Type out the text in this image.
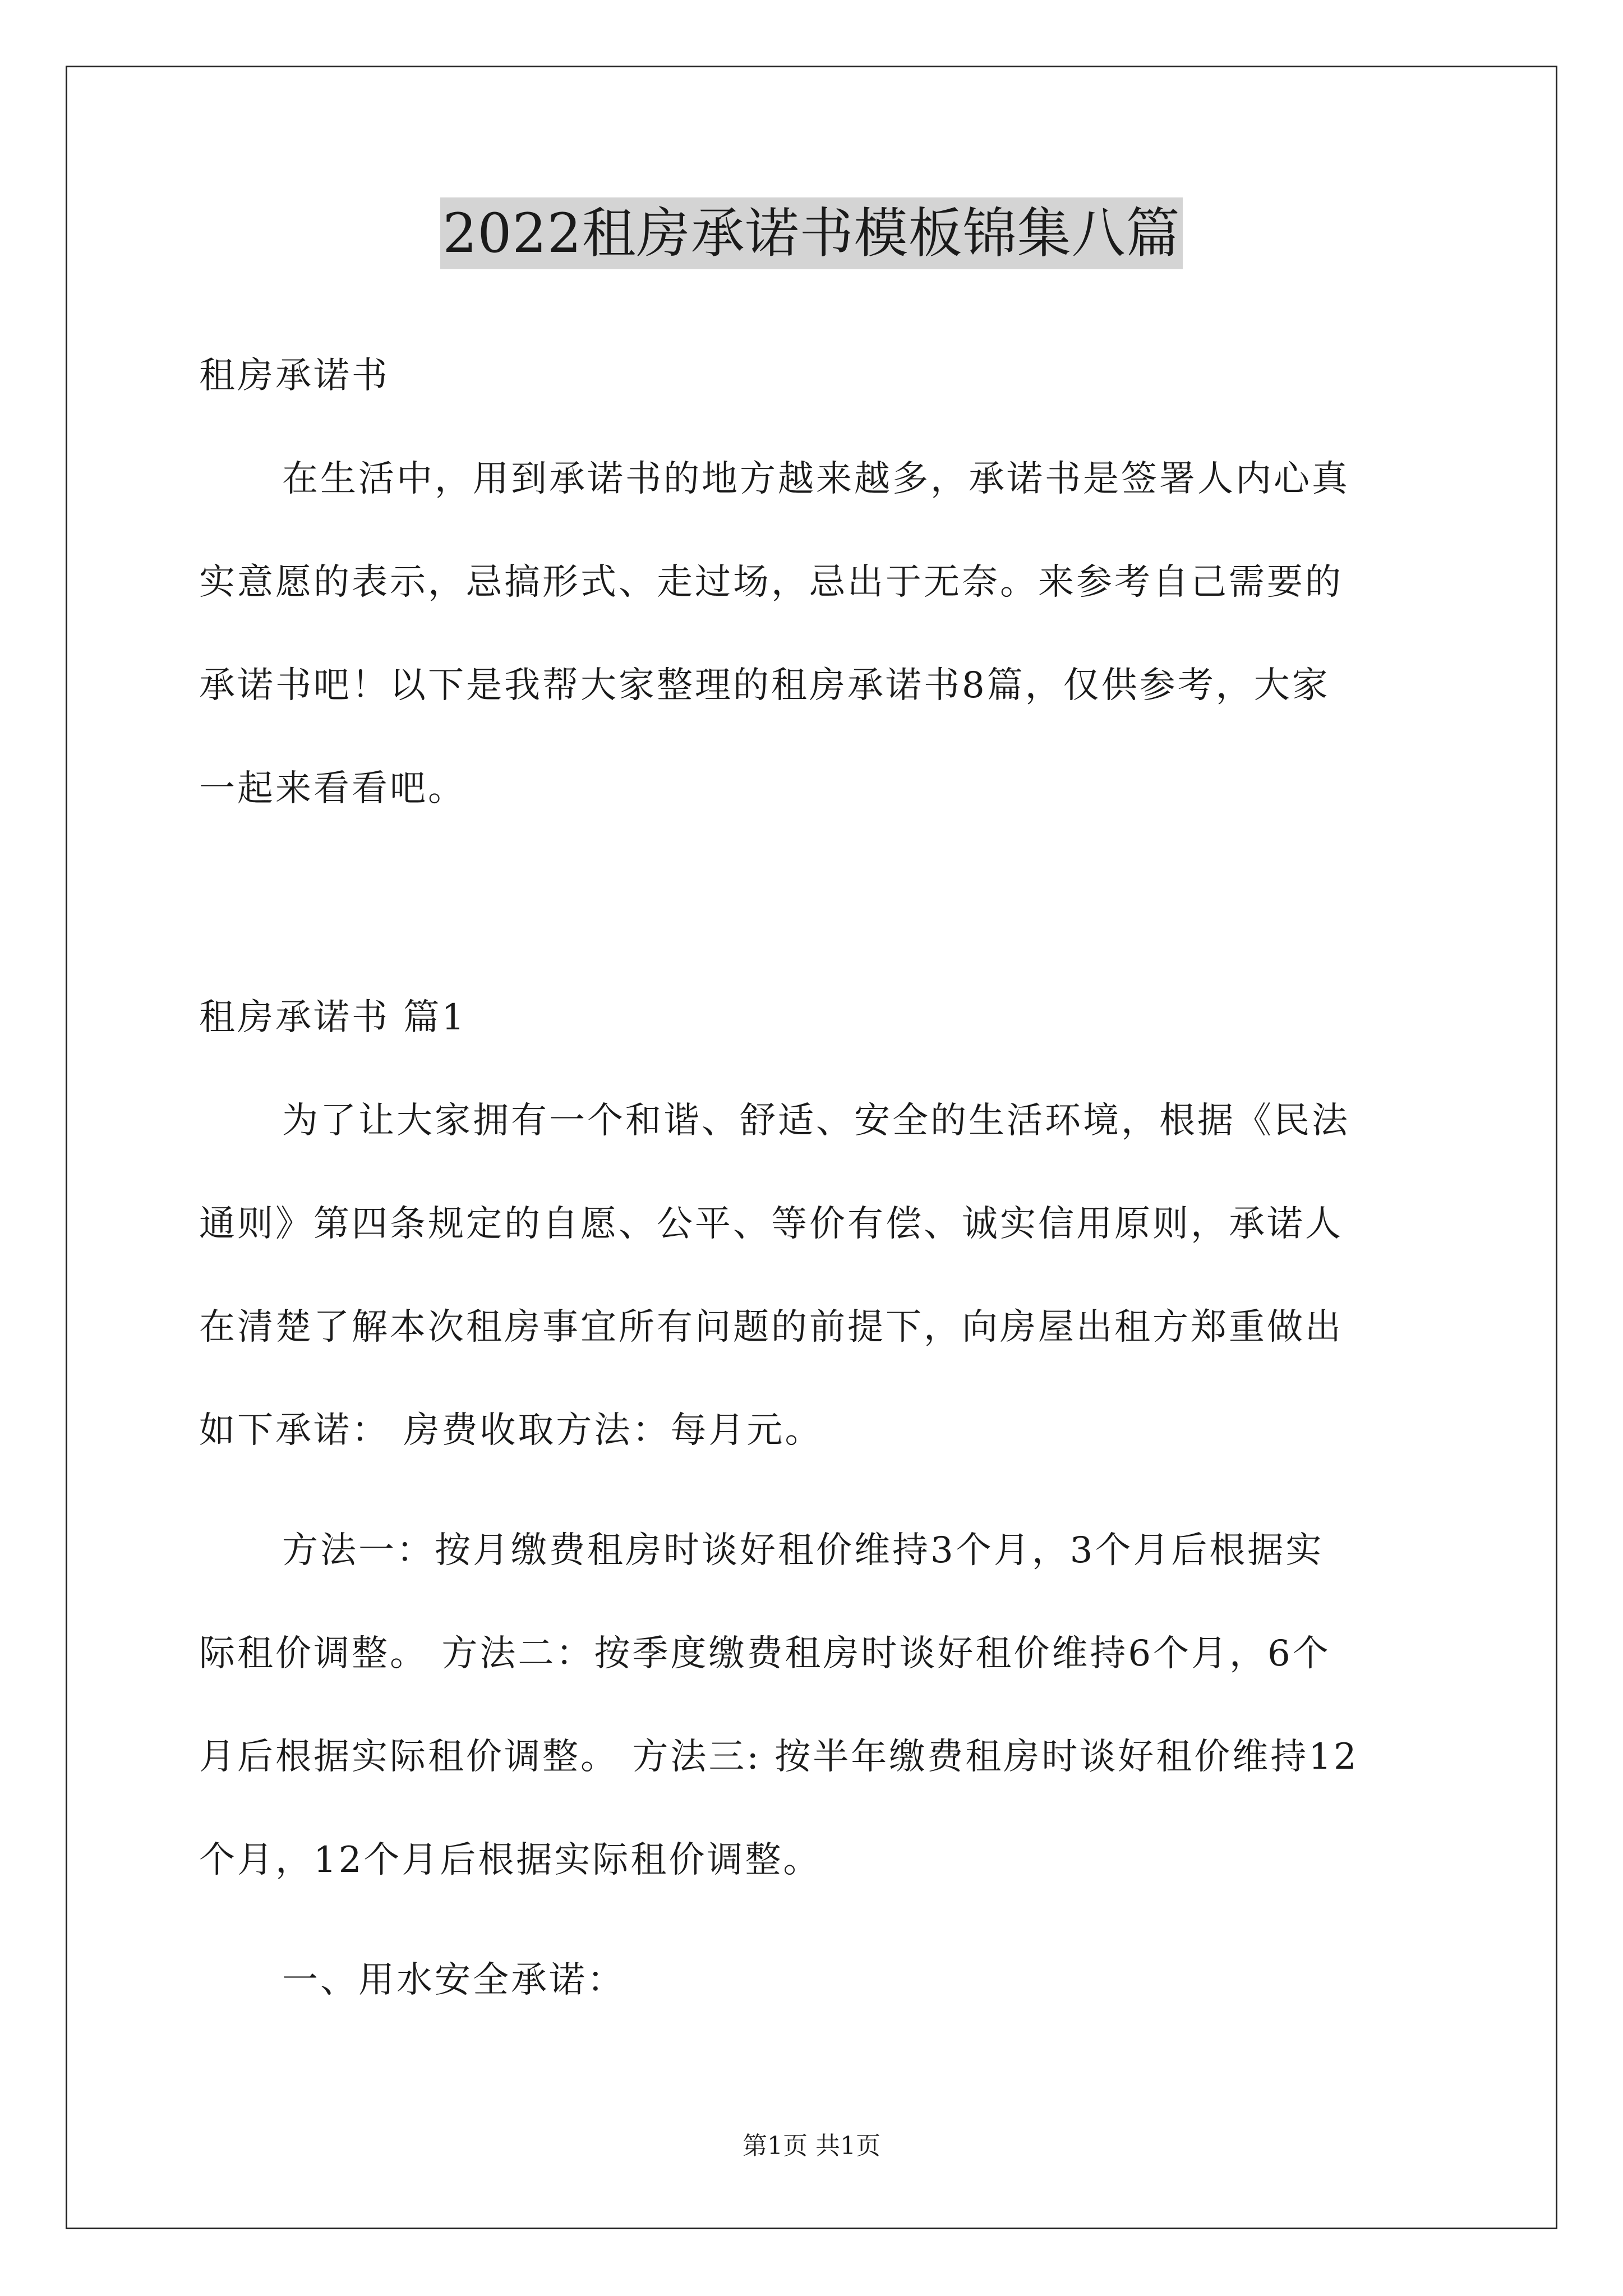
2022租房承诺书模板锦集八篇
租房承诺书
在生活中，用到承诺书的地方越来越多，承诺书是签署人内心真
实意愿的表示，忌搞形式、走过场，忌出于无奈。来参考自己需要的
承诺书吧！以下是我帮大家整理的租房承诺书8篇，仅供参考，大家
一起来看看吧。
租房承诺书 篇1
为了让大家拥有一个和谐、舒适、安全的生活环境，根据《民法
通则》第四条规定的自愿、公平、等价有偿、诚实信用原则，承诺人
在清楚了解本次租房事宜所有问题的前提下，向房屋出租方郑重做出
如下承诺： 房费收取方法：每月元。
方法一：按月缴费租房时谈好租价维持3个月，3个月后根据实
际租价调整。 方法二：按季度缴费租房时谈好租价维持6个月，6个
月后根据实际租价调整。 方法三: 按半年缴费租房时谈好租价维持12
个月，12个月后根据实际租价调整。
一、用水安全承诺：
第1页 共1页
